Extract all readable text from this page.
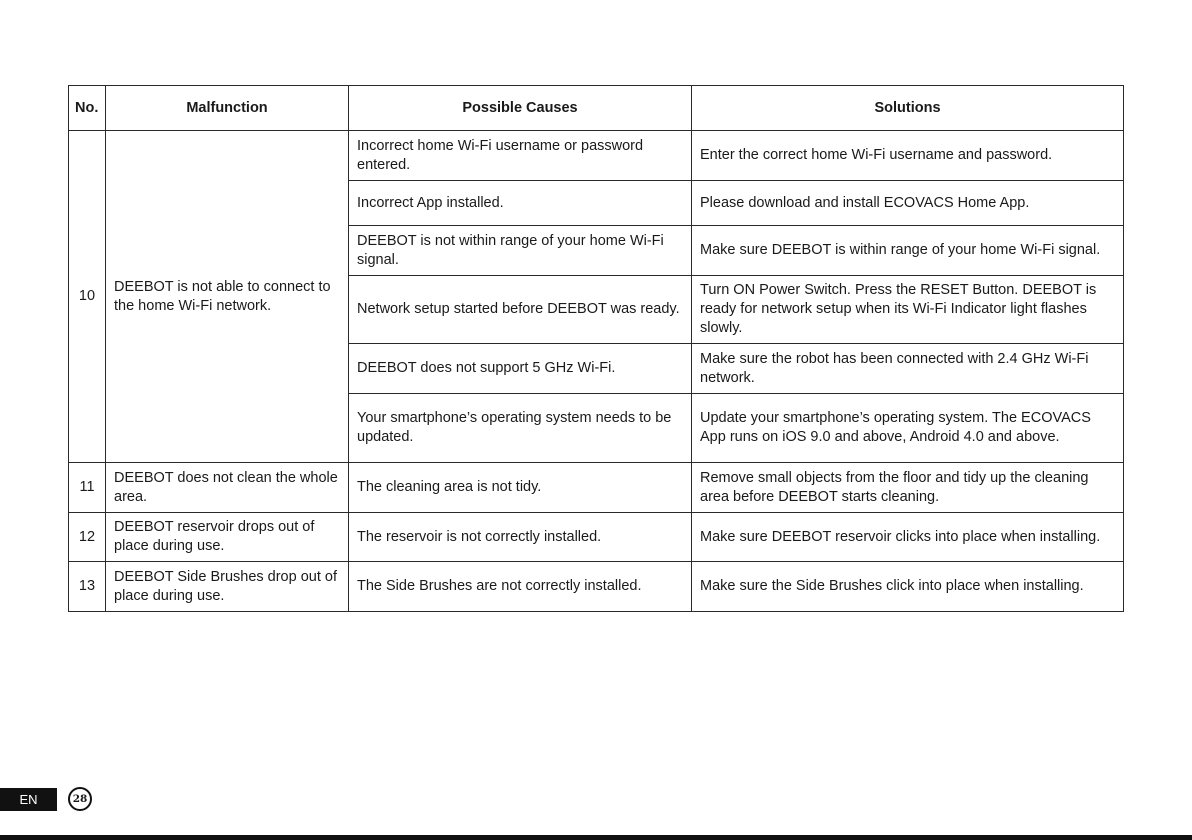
No.	Malfunction	Possible Causes	Solutions
10	DEEBOT is not able to connect to the home Wi-Fi network.	Incorrect home Wi-Fi username or password entered.	Enter the correct home Wi-Fi username and password.
		Incorrect App installed.	Please download and install ECOVACS Home App.
		DEEBOT is not within range of your home Wi-Fi signal.	Make sure DEEBOT is within range of your home Wi-Fi signal.
		Network setup started before DEEBOT was ready.	Turn ON Power Switch. Press the RESET Button. DEEBOT is ready for network setup when its Wi-Fi Indicator light flashes slowly.
		DEEBOT does not support 5 GHz Wi-Fi.	Make sure the robot has been connected with 2.4 GHz Wi-Fi network.
		Your smartphone’s operating system needs to be updated.	Update your smartphone’s operating system. The ECOVACS App runs on iOS 9.0 and above, Android 4.0 and above.
11	DEEBOT does not clean the whole area.	The cleaning area is not tidy.	Remove small objects from the floor and tidy up the cleaning area before DEEBOT starts cleaning.
12	DEEBOT reservoir drops out of place during use.	The reservoir is not correctly installed.	Make sure DEEBOT reservoir clicks into place when installing.
13	DEEBOT Side Brushes drop out of place during use.	The Side Brushes are not correctly installed.	Make sure the Side Brushes click into place when installing.
EN	28
